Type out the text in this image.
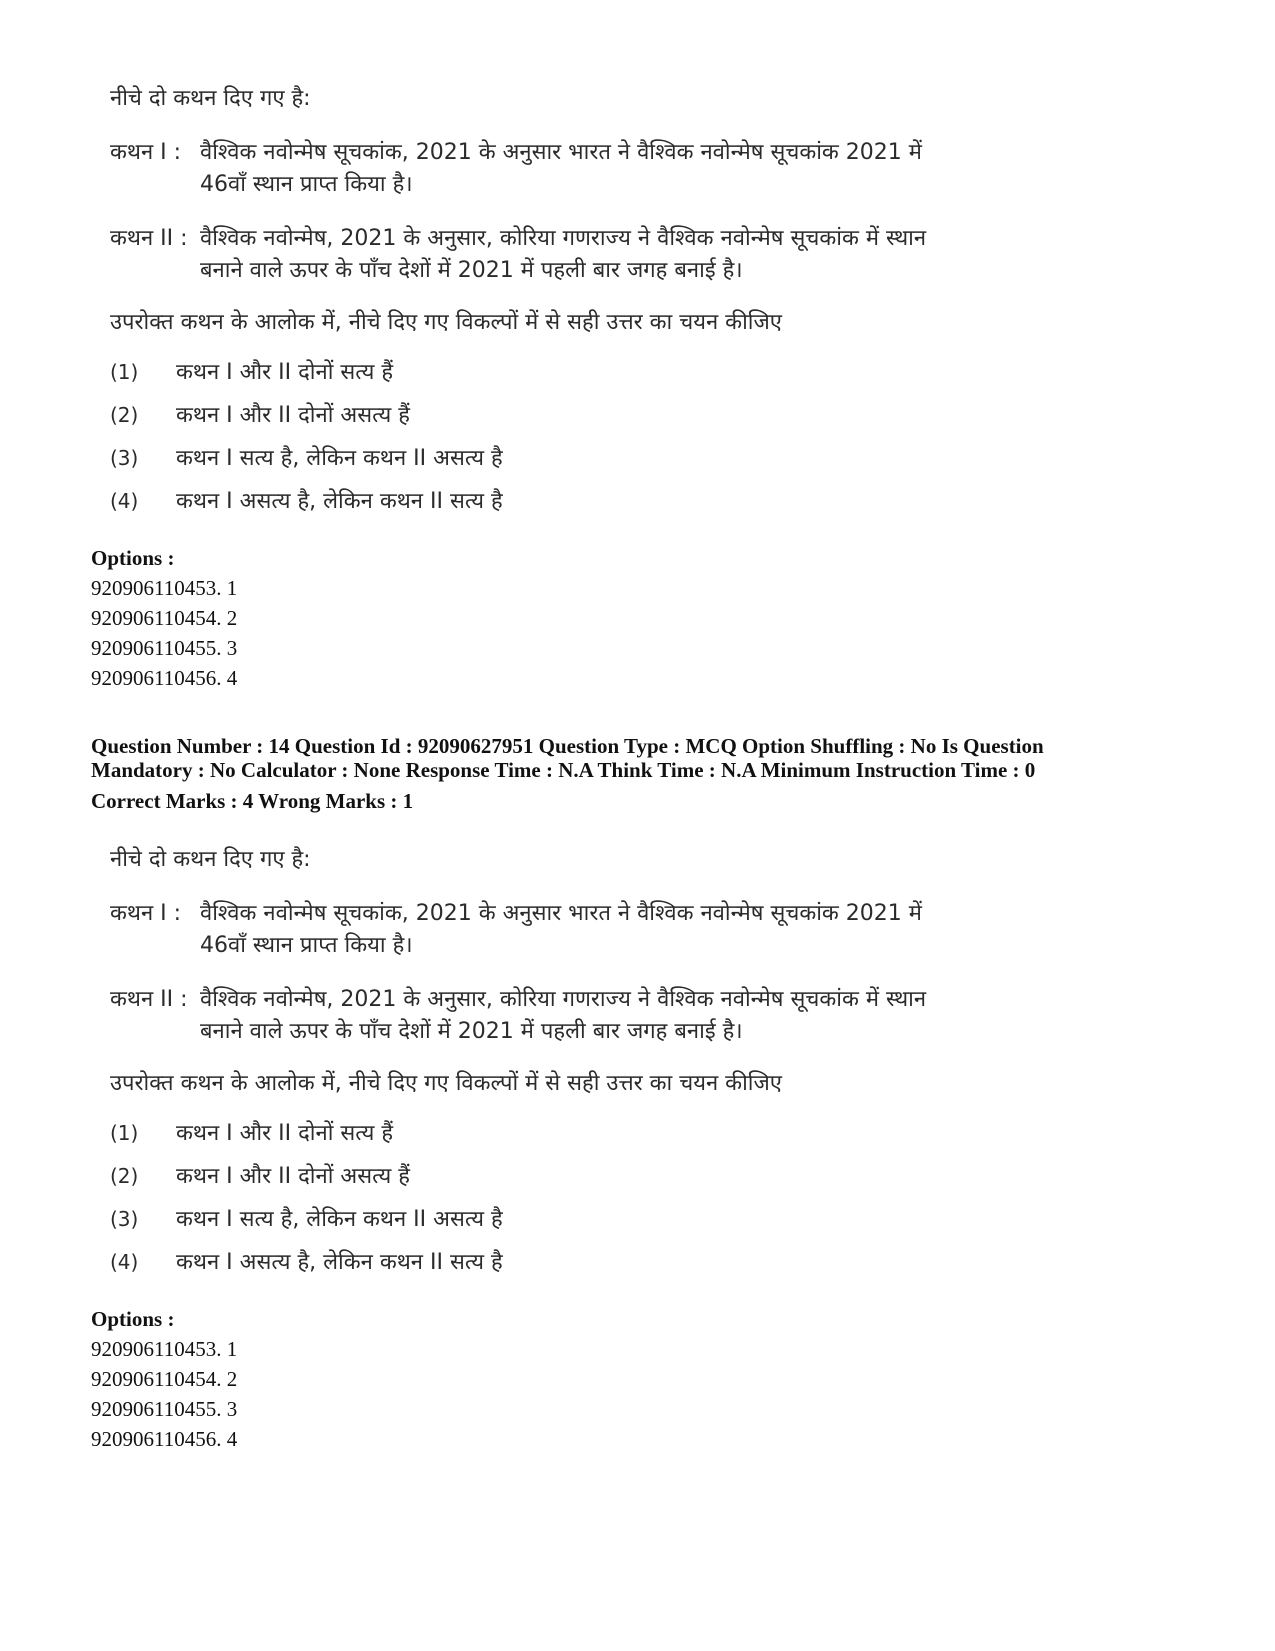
नीचे दो कथन दिए गए है:
कथन I : वैश्विक नवोन्मेष सूचकांक, 2021 के अनुसार भारत ने वैश्विक नवोन्मेष सूचकांक 2021 में
46वाँ स्थान प्राप्त किया है।
कथन II : वैश्विक नवोन्मेष, 2021 के अनुसार, कोरिया गणराज्य ने वैश्विक नवोन्मेष सूचकांक में स्थान
बनाने वाले ऊपर के पाँच देशों में 2021 में पहली बार जगह बनाई है।
उपरोक्त कथन के आलोक में, नीचे दिए गए विकल्पों में से सही उत्तर का चयन कीजिए
(1) कथन I और II दोनों सत्य हैं
(2) कथन I और II दोनों असत्य हैं
(3) कथन I सत्य है, लेकिन कथन II असत्य है
(4) कथन I असत्य है, लेकिन कथन II सत्य है
Options :
920906110453. 1
920906110454. 2
920906110455. 3
920906110456. 4
Question Number : 14 Question Id : 92090627951 Question Type : MCQ Option Shuffling : No Is Question
Mandatory : No Calculator : None Response Time : N.A Think Time : N.A Minimum Instruction Time : 0
Correct Marks : 4 Wrong Marks : 1
नीचे दो कथन दिए गए है:
कथन I : वैश्विक नवोन्मेष सूचकांक, 2021 के अनुसार भारत ने वैश्विक नवोन्मेष सूचकांक 2021 में
46वाँ स्थान प्राप्त किया है।
कथन II : वैश्विक नवोन्मेष, 2021 के अनुसार, कोरिया गणराज्य ने वैश्विक नवोन्मेष सूचकांक में स्थान
बनाने वाले ऊपर के पाँच देशों में 2021 में पहली बार जगह बनाई है।
उपरोक्त कथन के आलोक में, नीचे दिए गए विकल्पों में से सही उत्तर का चयन कीजिए
(1) कथन I और II दोनों सत्य हैं
(2) कथन I और II दोनों असत्य हैं
(3) कथन I सत्य है, लेकिन कथन II असत्य है
(4) कथन I असत्य है, लेकिन कथन II सत्य है
Options :
920906110453. 1
920906110454. 2
920906110455. 3
920906110456. 4
